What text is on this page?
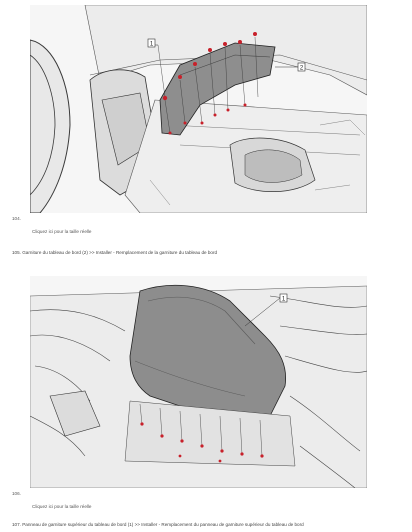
1
2
104.
Cliquez ici pour la taille réelle
105. Garniture du tableau de bord (2) >> Installer - Remplacement de la garniture du tableau de bord
1
106.
Cliquez ici pour la taille réelle
107. Panneau de garniture supérieur du tableau de bord (1) >> Installer - Remplacement du panneau de garniture supérieur du tableau de bord
